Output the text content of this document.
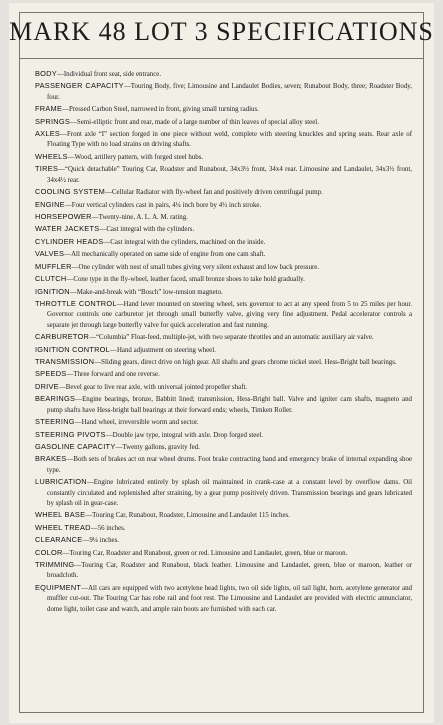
MARK 48 LOT 3 SPECIFICATIONS

BODY—Individual front seat, side entrance.

PASSENGER CAPACITY—Touring Body, five; Limousine and Landaulet Bodies, seven; Runabout Body, three; Roadster Body, four.

FRAME—Pressed Carbon Steel, narrowed in front, giving small turning radius.

SPRINGS—Semi-elliptic front and rear, made of a large number of thin leaves of special alloy steel.

AXLES—Front axle “I” section forged in one piece without weld, complete with steering knuckles and spring seats. Rear axle of Floating Type with no load strains on driving shafts.

WHEELS—Wood, artillery pattern, with forged steel hubs.

TIRES—“Quick detachable” Touring Car, Roadster and Runabout, 34x3½ front, 34x4 rear. Limousine and Landaulet, 34x3½ front, 34x4½ rear.

COOLING SYSTEM—Cellular Radiator with fly-wheel fan and positively driven centrifugal pump.

ENGINE—Four vertical cylinders cast in pairs, 4¼ inch bore by 4½ inch stroke.

HORSEPOWER—Twenty-nine, A. L. A. M. rating.

WATER JACKETS—Cast integral with the cylinders.

CYLINDER HEADS—Cast integral with the cylinders, machined on the inside.

VALVES—All mechanically operated on same side of engine from one cam shaft.

MUFFLER—One cylinder with nest of small tubes giving very silent exhaust and low back pressure.

CLUTCH—Cone type in the fly-wheel, leather faced, small bronze shoes to take hold gradually.

IGNITION—Make-and-break with “Bosch” low-tension magneto.

THROTTLE CONTROL—Hand lever mounted on steering wheel, sets governor to act at any speed from 5 to 25 miles per hour. Governor controls one carburetor jet through small butterfly valve, giving very fine adjustment. Pedal accelerator controls a separate jet through large butterfly valve for quick acceleration and fast running.

CARBURETOR—“Columbia” Float-feed, multiple-jet, with two separate throttles and an automatic auxiliary air valve.

IGNITION CONTROL—Hand adjustment on steering wheel.

TRANSMISSION—Sliding gears, direct drive on high gear. All shafts and gears chrome nickel steel. Hess-Bright ball bearings.

SPEEDS—Three forward and one reverse.

DRIVE—Bevel gear to live rear axle, with universal jointed propeller shaft.

BEARINGS—Engine bearings, bronze, Babbitt lined; transmission, Hess-Bright ball. Valve and igniter cam shafts, magneto and pump shafts have Hess-bright ball bearings at their forward ends; wheels, Timken Roller.

STEERING—Hand wheel, irreversible worm and sector.

STEERING PIVOTS—Double jaw type, integral with axle. Drop forged steel.

GASOLINE CAPACITY—Twenty gallons, gravity fed.

BRAKES—Both sets of brakes act on rear wheel drums. Foot brake contracting band and emergency brake of internal expanding shoe type.

LUBRICATION—Engine lubricated entirely by splash oil maintained in crank-case at a constant level by overflow dams. Oil constantly circulated and replenished after straining, by a gear pump positively driven. Transmission bearings and gears lubricated by splash oil in gear-case.

WHEEL BASE—Touring Car, Runabout, Roadster, Limousine and Landaulet 115 inches.

WHEEL TREAD—56 inches.

CLEARANCE—9¼ inches.

COLOR—Touring Car, Roadster and Runabout, green or red. Limousine and Landaulet, green, blue or maroon.

TRIMMING—Touring Car, Roadster and Runabout, black leather. Limousine and Landaulet, green, blue or maroon, leather or broadcloth.

EQUIPMENT—All cars are equipped with two acetylene head lights, two oil side lights, oil tail light, horn, acetylene generator and muffler cut-out. The Touring Car has robe rail and foot rest. The Limousine and Landaulet are provided with electric annunciator, dome light, toilet case and watch, and ample rain boots are furnished with each car.
